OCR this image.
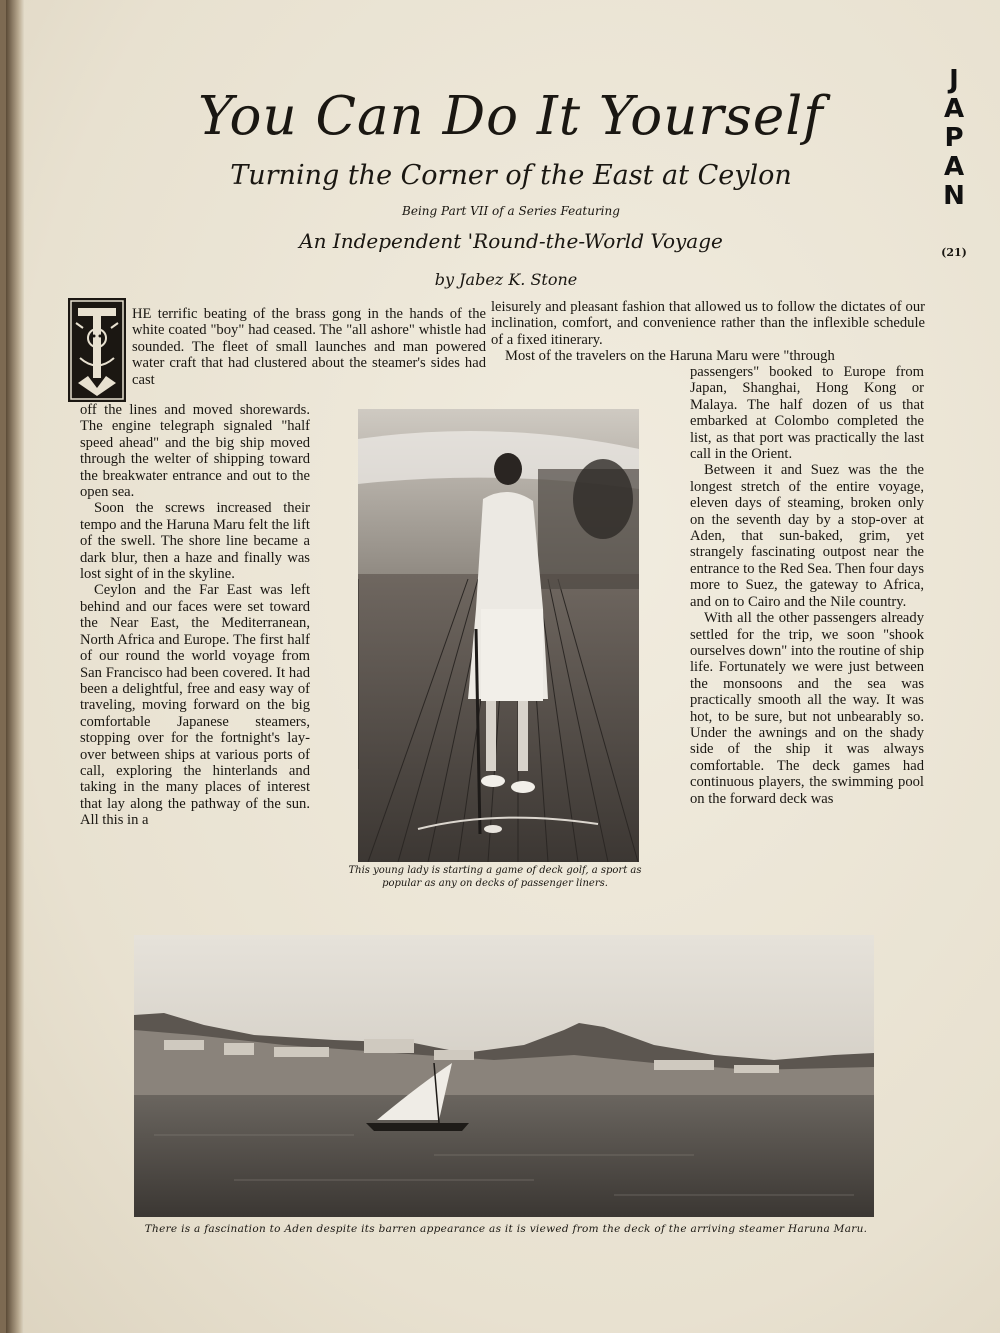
You Can Do It Yourself
Turning the Corner of the East at Ceylon
Being Part VII of a Series Featuring
An Independent 'Round-the-World Voyage
by Jabez K. Stone
J
A
P
A
N
(21)

HE terrific beating of the brass gong in the hands of the white coated "boy" had ceased. The "all ashore" whistle had sounded. The fleet of small launches and man powered water craft that had clustered about the steamer's sides had cast

off the lines and moved shorewards. The engine telegraph signaled "half speed ahead" and the big ship moved through the welter of shipping toward the breakwater entrance and out to the open sea.

Soon the screws increased their tempo and the Haruna Maru felt the lift of the swell. The shore line became a dark blur, then a haze and finally was lost sight of in the skyline.

Ceylon and the Far East was left behind and our faces were set toward the Near East, the Mediterranean, North Africa and Europe. The first half of our round the world voyage from San Francisco had been covered. It had been a delightful, free and easy way of traveling, moving forward on the big comfortable Japanese steamers, stopping over for the fortnight's lay-over between ships at various ports of call, exploring the hinterlands and taking in the many places of interest that lay along the pathway of the sun. All this in a

leisurely and pleasant fashion that allowed us to follow the dictates of our inclination, comfort, and convenience rather than the inflexible schedule of a fixed itinerary.

Most of the travelers on the Haruna Maru were "through

passengers" booked to Europe from Japan, Shanghai, Hong Kong or Malaya. The half dozen of us that embarked at Colombo completed the list, as that port was practically the last call in the Orient.

Between it and Suez was the the longest stretch of the entire voyage, eleven days of steaming, broken only on the seventh day by a stop-over at Aden, that sun-baked, grim, yet strangely fascinating outpost near the entrance to the Red Sea. Then four days more to Suez, the gateway to Africa, and on to Cairo and the Nile country.

With all the other passengers already settled for the trip, we soon "shook ourselves down" into the routine of ship life. Fortunately we were just between the monsoons and the sea was practically smooth all the way. It was hot, to be sure, but not unbearably so. Under the awnings and on the shady side of the ship it was always comfortable. The deck games had continuous players, the swimming pool on the forward deck was

This young lady is starting a game of deck golf, a sport as popular as any on decks of passenger liners.
There is a fascination to Aden despite its barren appearance as it is viewed from the deck of the arriving steamer Haruna Maru.
